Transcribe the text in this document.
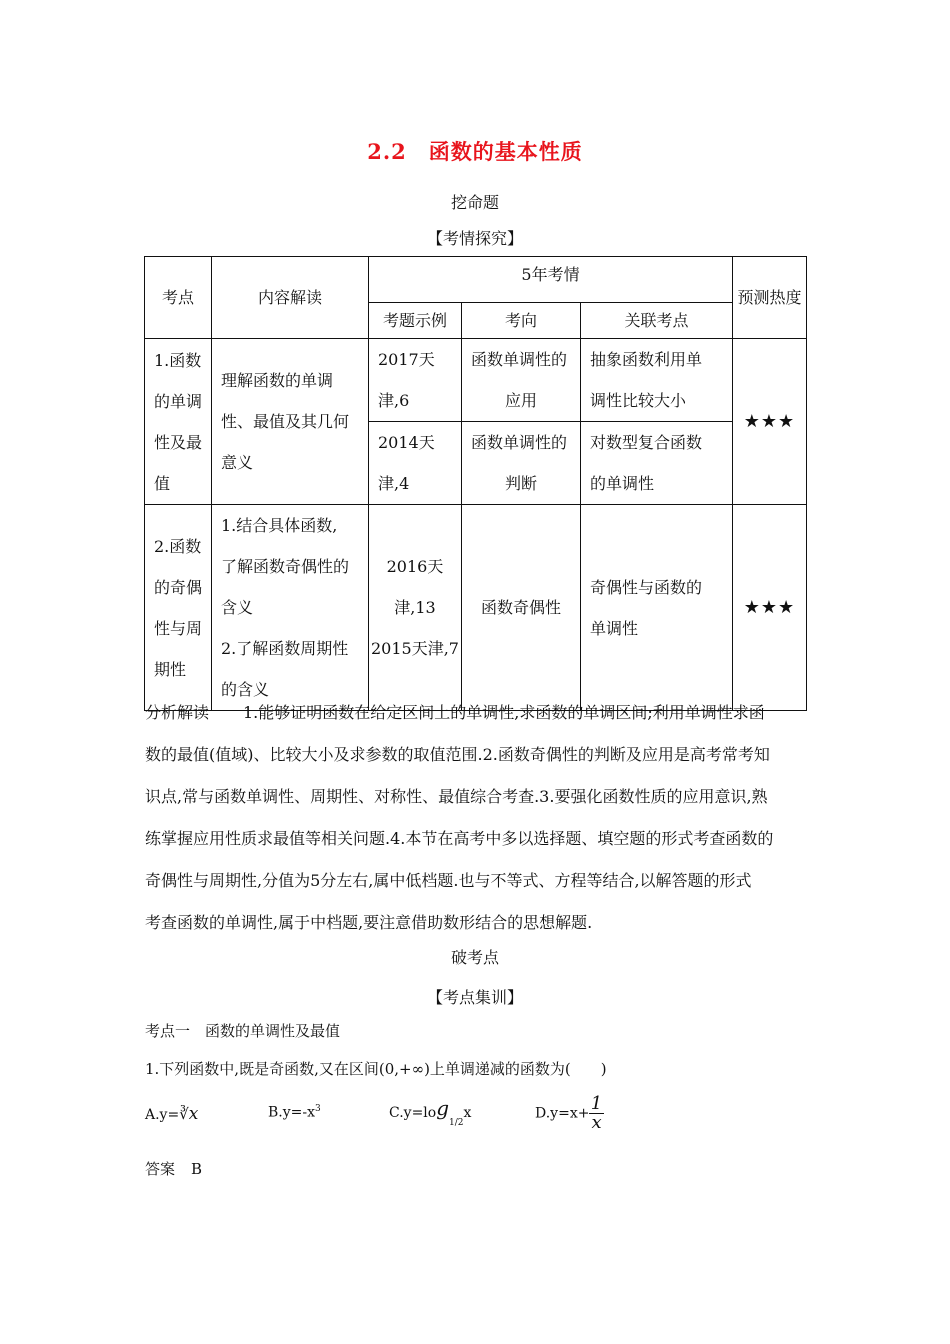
2.2 函数的基本性质
挖命题
【考情探究】
考点	内容解读	5年考情			预测热度
		考题示例	考向	关联考点	

1.函数
的单调
性及最
值	理解函数的单调
性、最值及其几何
意义	2017天津,6	函数单调性的
应用	抽象函数利用单
调性比较大小	★★★
		2014天津,4	函数单调性的
判断	对数型复合函数
的单调性	

2.函数
的奇偶
性与周
期性	1.结合具体函数,
了解函数奇偶性的
含义
2.了解函数周期性
的含义	2016天
津,13
2015天津,7	函数奇偶性	奇偶性与函数的
单调性	★★★
分析解读 1.能够证明函数在给定区间上的单调性,求函数的单调区间;利用单调性求函
数的最值(值域)、比较大小及求参数的取值范围.2.函数奇偶性的判断及应用是高考常考知
识点,常与函数单调性、周期性、对称性、最值综合考查.3.要强化函数性质的应用意识,熟
练掌握应用性质求最值等相关问题.4.本节在高考中多以选择题、填空题的形式考查函数的
奇偶性与周期性,分值为5分左右,属中低档题.也与不等式、方程等结合,以解答题的形式
考查函数的单调性,属于中档题,要注意借助数形结合的思想解题.
破考点
【考点集训】
考点一　函数的单调性及最值
1.下列函数中,既是奇函数,又在区间(0,+∞)上单调递减的函数为(　　)
A.y=∛x	$B.y=-x^3$	$C.y=\log_{1/2}x$	$D.y=x+ \frac{1}{x}$
答案 B
